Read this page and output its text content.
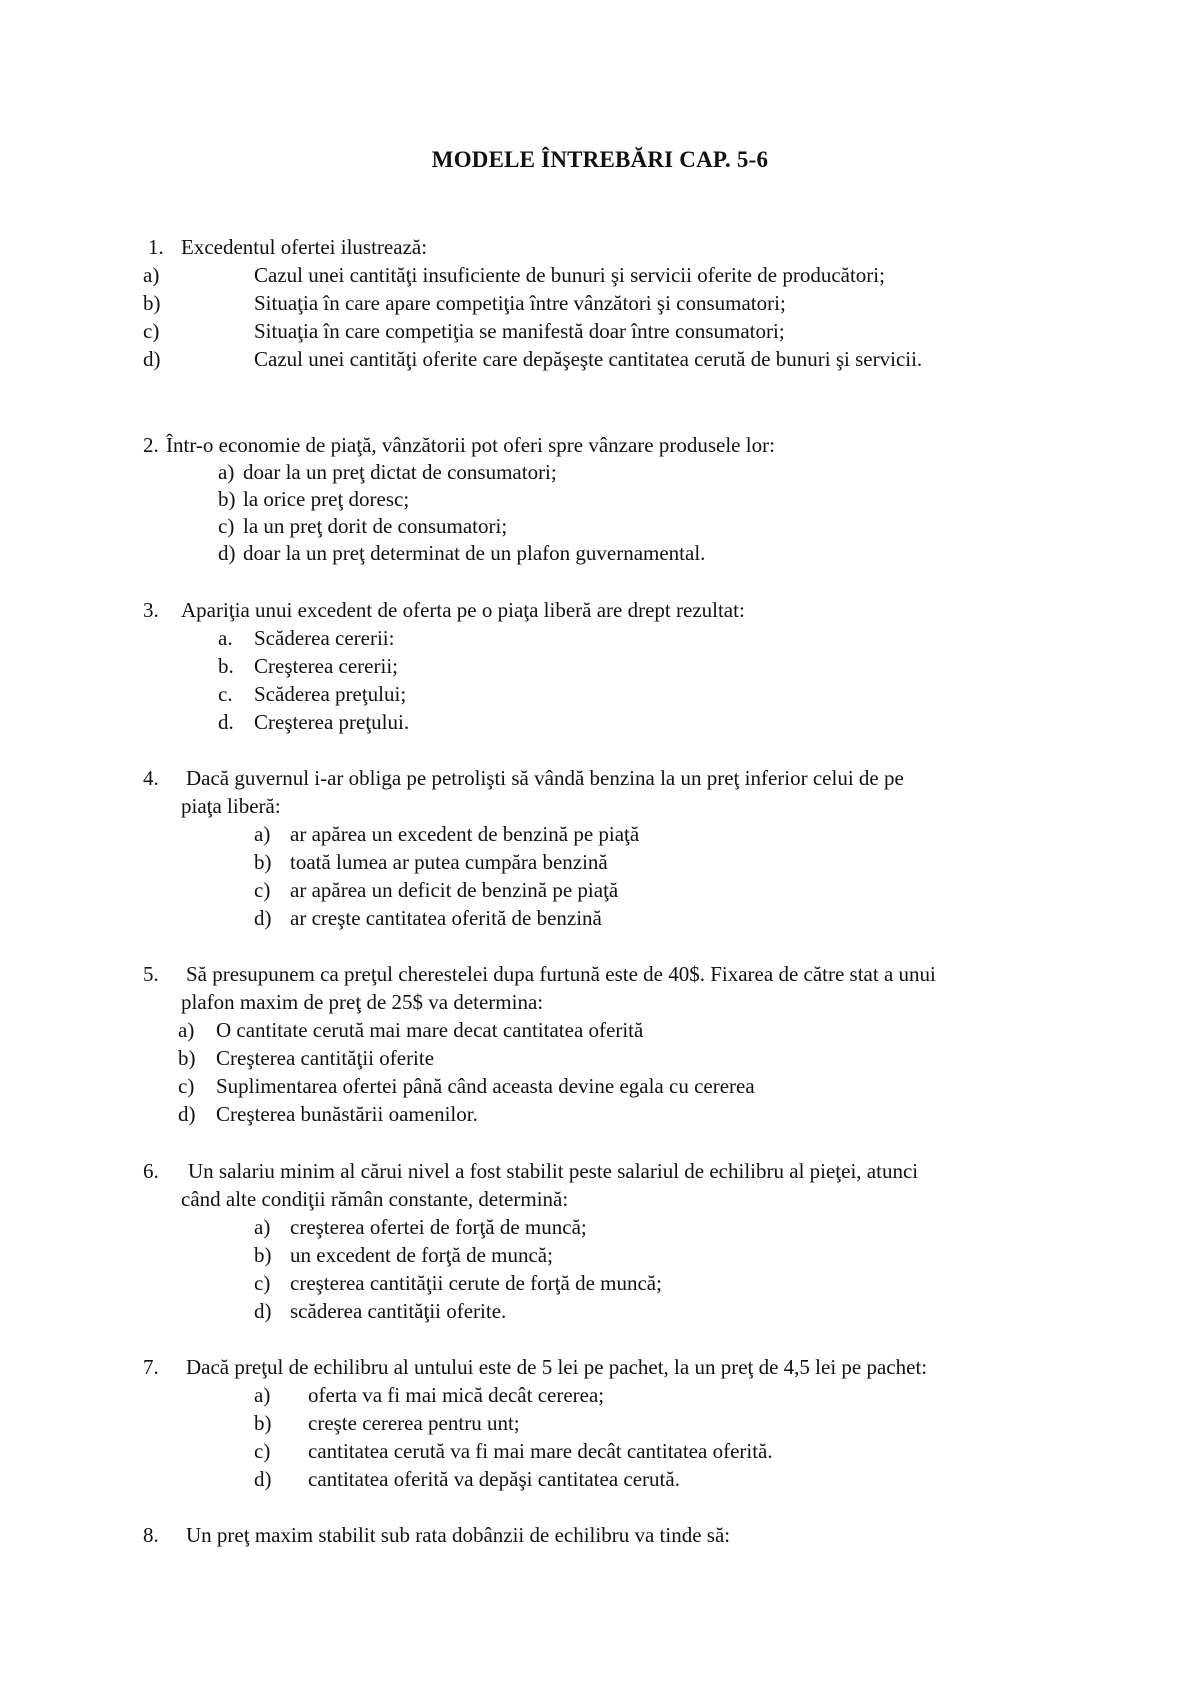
MODELE ÎNTREBĂRI CAP. 5-6
1. Excedentul ofertei ilustrează:
a)	Cazul unei cantităţi insuficiente de bunuri şi servicii oferite de producători;
b)	Situaţia în care apare competiţia între vânzători şi consumatori;
c)	Situaţia în care competiţia se manifestă doar între consumatori;
d)	Cazul unei cantităţi oferite care depăşeşte cantitatea cerută de bunuri şi servicii.
2. Într-o economie de piaţă, vânzătorii pot oferi spre vânzare produsele lor:
a) doar la un preţ dictat de consumatori;
b) la orice preţ doresc;
c) la un preţ dorit de consumatori;
d) doar la un preţ determinat de un plafon guvernamental.
3. Apariţia unui excedent de oferta pe o piaţa liberă are drept rezultat:
a. Scăderea cererii:
b. Creşterea cererii;
c. Scăderea preţului;
d. Creşterea preţului.
4. Dacă guvernul i-ar obliga pe petrolişti să vândă benzina la un preţ inferior celui de pe
piaţa liberă:
a) ar apărea un excedent de benzină pe piaţă
b) toată lumea ar putea cumpăra benzină
c) ar apărea un deficit de benzină pe piaţă
d) ar creşte cantitatea oferită de benzină
5. Să presupunem ca preţul cherestelei dupa furtună este de 40$. Fixarea de către stat a unui
plafon maxim de preţ de 25$ va determina:
a) O cantitate cerută mai mare decat cantitatea oferită
b) Creşterea cantităţii oferite
c) Suplimentarea ofertei până când aceasta devine egala cu cererea
d) Creşterea bunăstării oamenilor.
6. Un salariu minim al cărui nivel a fost stabilit peste salariul de echilibru al pieţei, atunci
când alte condiţii rămân constante, determină:
a) creşterea ofertei de forţă de muncă;
b) un excedent de forţă de muncă;
c) creşterea cantităţii cerute de forţă de muncă;
d) scăderea cantităţii oferite.
7. Dacă preţul de echilibru al untului este de 5 lei pe pachet, la un preţ de 4,5 lei pe pachet:
a) oferta va fi mai mică decât cererea;
b) creşte cererea pentru unt;
c) cantitatea cerută va fi mai mare decât cantitatea oferită.
d) cantitatea oferită va depăşi cantitatea cerută.
8. Un preţ maxim stabilit sub rata dobânzii de echilibru va tinde să:
